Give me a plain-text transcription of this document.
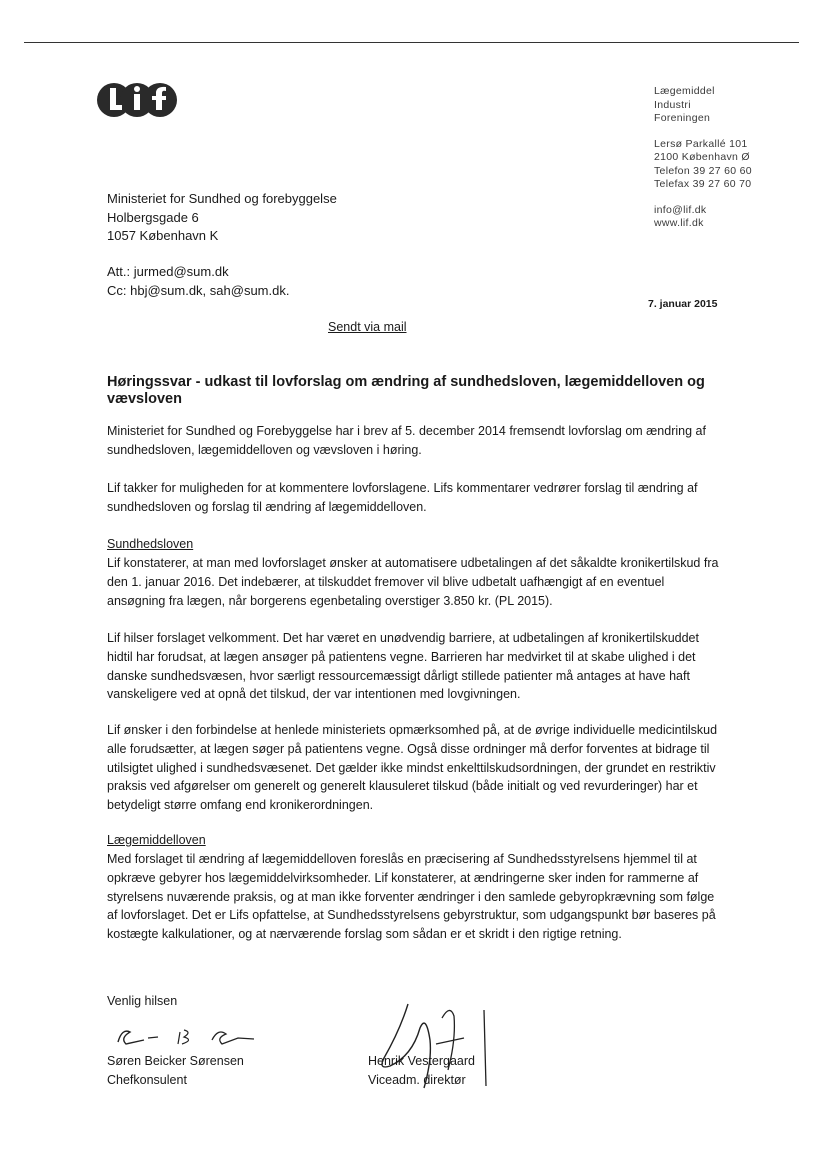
Lægemiddel
Industri
Foreningen
Lersø Parkallé 101
2100 København Ø
Telefon 39 27 60 60
Telefax 39 27 60 70
info@lif.dk
www.lif.dk
Ministeriet for Sundhed og forebyggelse
Holbergsgade 6
1057 København K
Att.: jurmed@sum.dk
Cc: hbj@sum.dk, sah@sum.dk.
7. januar 2015
Sendt via mail
Høringssvar - udkast til lovforslag om ændring af sundhedsloven, lægemiddelloven og vævsloven
Ministeriet for Sundhed og Forebyggelse har i brev af 5. december 2014 fremsendt lovforslag om ændring af sundhedsloven, lægemiddelloven og vævsloven i høring.
Lif takker for muligheden for at kommentere lovforslagene. Lifs kommentarer vedrører forslag til ændring af sundhedsloven og forslag til ændring af lægemiddelloven.
Sundhedsloven
Lif konstaterer, at man med lovforslaget ønsker at automatisere udbetalingen af det såkaldte kronikertilskud fra den 1. januar 2016. Det indebærer, at tilskuddet fremover vil blive udbetalt uafhængigt af en eventuel ansøgning fra lægen, når borgerens egenbetaling overstiger 3.850 kr. (PL 2015).
Lif hilser forslaget velkomment. Det har været en unødvendig barriere, at udbetalingen af kronikertilskuddet hidtil har forudsat, at lægen ansøger på patientens vegne. Barrieren har medvirket til at skabe ulighed i det danske sundhedsvæsen, hvor særligt ressourcemæssigt dårligt stillede patienter må antages at have haft vanskeligere ved at opnå det tilskud, der var intentionen med lovgivningen.
Lif ønsker i den forbindelse at henlede ministeriets opmærksomhed på, at de øvrige individuelle medicintilskud alle forudsætter, at lægen søger på patientens vegne. Også disse ordninger må derfor forventes at bidrage til utilsigtet ulighed i sundhedsvæsenet. Det gælder ikke mindst enkelttilskudsordningen, der grundet en restriktiv praksis ved afgørelser om generelt og generelt klausuleret tilskud (både initialt og ved revurderinger) har et betydeligt større omfang end kronikerordningen.
Lægemiddelloven
Med forslaget til ændring af lægemiddelloven foreslås en præcisering af Sundhedsstyrelsens hjemmel til at opkræve gebyrer hos lægemiddelvirksomheder. Lif konstaterer, at ændringerne sker inden for rammerne af styrelsens nuværende praksis, og at man ikke forventer ændringer i den samlede gebyropkrævning som følge af lovforslaget. Det er Lifs opfattelse, at Sundhedsstyrelsens gebyrstruktur, som udgangspunkt bør baseres på kostægte kalkulationer, og at nærværende forslag som sådan er et skridt i den rigtige retning.
Venlig hilsen
Søren Beicker Sørensen
Chefkonsulent
Henrik Vestergaard
Viceadm. direktør
